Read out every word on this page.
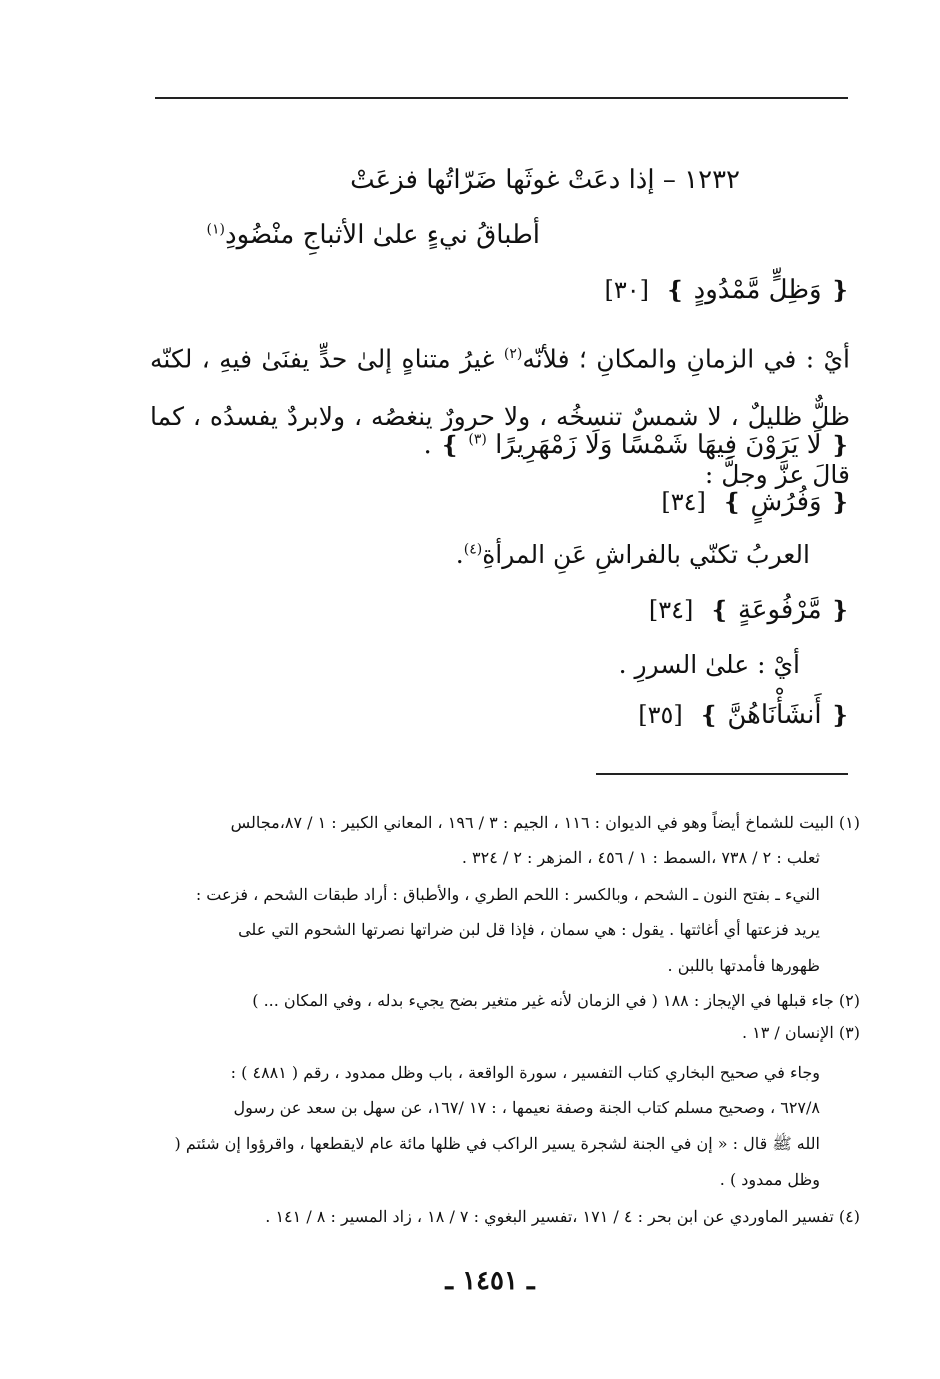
١٢٣٢ – إذا دعَتْ غوثَها ضَرّاتُها فزعَتْ
أطباقُ نيءٍ علىٰ الأثباجِ منْضُودِ$^{(١)}$
❴ وَظِلٍّ مَّمْدُودٍ ❵ [٣٠]
أيْ : في الزمانِ والمكانِ ؛ فلأنّه$^{(٢)}$ غيرُ متناهٍ إلىٰ حدٍّ يفنَىٰ فيهِ ، لكنّه ظلٌّ ظليلٌ ، لا شمسٌ تنسخُه ، ولا حرورٌ ينغصُه ، ولابردٌ يفسدُه ، كما قالَ عزَّ وجلَّ :
❴ لَا يَرَوْنَ فِيهَا شَمْسًا وَلَا زَمْهَرِيرًا $^{(٣)}$ ❵ .
❴ وَفُرُشٍ ❵ [٣٤]
العربُ تكنّي بالفراشِ عَنِ المرأةِ$^{(٤)}$.
❴ مَّرْفُوعَةٍ ❵ [٣٤]
أيْ : علىٰ السررِ .
❴ أَنشَأْنَاهُنَّ ❵ [٣٥]
(١) البيت للشماخ أيضاً وهو في الديوان : ١١٦ ، الجيم : ٣ / ١٩٦ ، المعاني الكبير : ١ / ٨٧،مجالس
ثعلب : ٢ / ٧٣٨ ،السمط : ١ / ٤٥٦ ، المزهر : ٢ / ٣٢٤ .
النيء ـ بفتح النون ـ الشحم ، وبالكسر : اللحم الطري ، والأطباق : أراد طبقات الشحم ، فزعت :
يريد فزعتها أي أغاثتها . يقول : هي سمان ، فإذا قل لبن ضراتها نصرتها الشحوم التي على
ظهورها فأمدتها باللبن .
(٢) جاء قبلها في الإيجاز : ١٨٨ ( في الزمان لأنه غير متغير بضح يجيء بدله ، وفي المكان ... )
(٣) الإنسان / ١٣ .
وجاء في صحيح البخاري كتاب التفسير ، سورة الواقعة ، باب وظل ممدود ، رقم ( ٤٨٨١ ) :
٦٢٧/٨ ، وصحيح مسلم كتاب الجنة وصفة نعيمها ، : ١٧ /١٦٧، عن سهل بن سعد عن رسول
الله ﷺ قال : « إن في الجنة لشجرة يسير الراكب في ظلها مائة عام لايقطعها ، واقرؤوا إن شئتم (
وظل ممدود ) .
(٤) تفسير الماوردي عن ابن بحر : ٤ / ١٧١ ،تفسير البغوي : ٧ / ١٨ ، زاد المسير : ٨ / ١٤١ .
ـ ١٤٥١ ـ
